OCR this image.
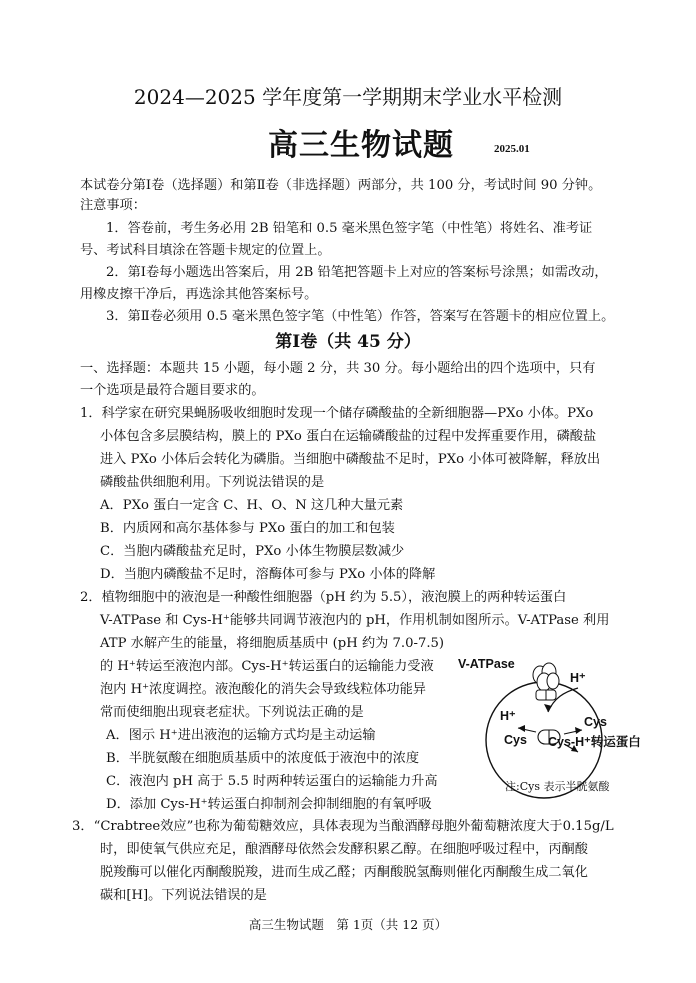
2024—2025 学年度第一学期期末学业水平检测
高三生物试题	2025.01
本试卷分第Ⅰ卷（选择题）和第Ⅱ卷（非选择题）两部分，共 100 分，考试时间 90 分钟。
注意事项：
1．答卷前，考生务必用 2B 铅笔和 0.5 毫米黑色签字笔（中性笔）将姓名、准考证
号、考试科目填涂在答题卡规定的位置上。
2．第Ⅰ卷每小题选出答案后，用 2B 铅笔把答题卡上对应的答案标号涂黑；如需改动，
用橡皮擦干净后，再选涂其他答案标号。
3．第Ⅱ卷必须用 0.5 毫米黑色签字笔（中性笔）作答，答案写在答题卡的相应位置上。
第Ⅰ卷（共 45 分）
一、选择题：本题共 15 小题，每小题 2 分，共 30 分。每小题给出的四个选项中，只有
一个选项是最符合题目要求的。
1．科学家在研究果蝇肠吸收细胞时发现一个储存磷酸盐的全新细胞器—PXo 小体。PXo
小体包含多层膜结构，膜上的 PXo 蛋白在运输磷酸盐的过程中发挥重要作用，磷酸盐
进入 PXo 小体后会转化为磷脂。当细胞中磷酸盐不足时，PXo 小体可被降解，释放出
磷酸盐供细胞利用。下列说法错误的是
A．PXo 蛋白一定含 C、H、O、N 这几种大量元素
B．内质网和高尔基体参与 PXo 蛋白的加工和包装
C．当胞内磷酸盐充足时，PXo 小体生物膜层数减少
D．当胞内磷酸盐不足时，溶酶体可参与 PXo 小体的降解
2．植物细胞中的液泡是一种酸性细胞器（pH 约为 5.5），液泡膜上的两种转运蛋白
V-ATPase 和 Cys-H⁺能够共同调节液泡内的 pH，作用机制如图所示。V-ATPase 利用
ATP 水解产生的能量，将细胞质基质中 (pH 约为 7.0-7.5)
的 H⁺转运至液泡内部。Cys-H⁺转运蛋白的运输能力受液
泡内 H⁺浓度调控。液泡酸化的消失会导致线粒体功能异
常而使细胞出现衰老症状。下列说法正确的是
A．图示 H⁺进出液泡的运输方式均是主动运输
B．半胱氨酸在细胞质基质中的浓度低于液泡中的浓度
C．液泡内 pH 高于 5.5 时两种转运蛋白的运输能力升高
D．添加 Cys-H⁺转运蛋白抑制剂会抑制细胞的有氧呼吸
V-ATPase
H⁺
H⁺	Cys
Cys Cys-H⁺转运蛋白
注:Cys 表示半胱氨酸
3．“Crabtree效应”也称为葡萄糖效应，具体表现为当酿酒酵母胞外葡萄糖浓度大于0.15g/L
时，即使氧气供应充足，酿酒酵母依然会发酵积累乙醇。在细胞呼吸过程中，丙酮酸
脱羧酶可以催化丙酮酸脱羧，进而生成乙醛；丙酮酸脱氢酶则催化丙酮酸生成二氧化
碳和[H]。下列说法错误的是
高三生物试题　第 1页（共 12 页）
